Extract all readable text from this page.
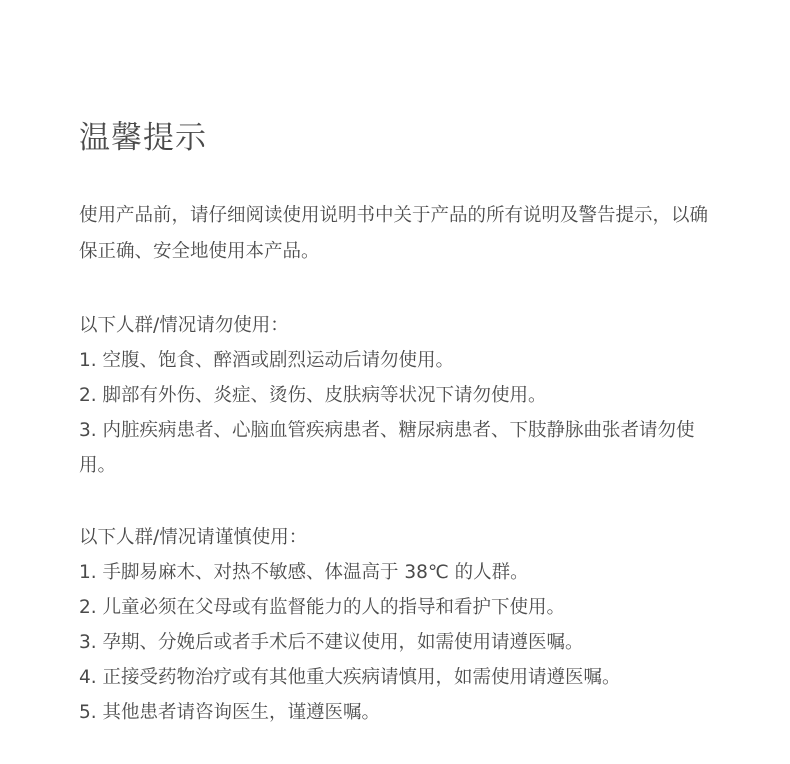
温馨提示
使用产品前，请仔细阅读使用说明书中关于产品的所有说明及警告提示，以确保正确、安全地使用本产品。
以下人群/情况请勿使用：
1. 空腹、饱食、醉酒或剧烈运动后请勿使用。
2. 脚部有外伤、炎症、烫伤、皮肤病等状况下请勿使用。
3. 内脏疾病患者、心脑血管疾病患者、糖尿病患者、下肢静脉曲张者请勿使用。
以下人群/情况请谨慎使用：
1. 手脚易麻木、对热不敏感、体温高于 38℃ 的人群。
2. 儿童必须在父母或有监督能力的人的指导和看护下使用。
3. 孕期、分娩后或者手术后不建议使用，如需使用请遵医嘱。
4. 正接受药物治疗或有其他重大疾病请慎用，如需使用请遵医嘱。
5. 其他患者请咨询医生，谨遵医嘱。
